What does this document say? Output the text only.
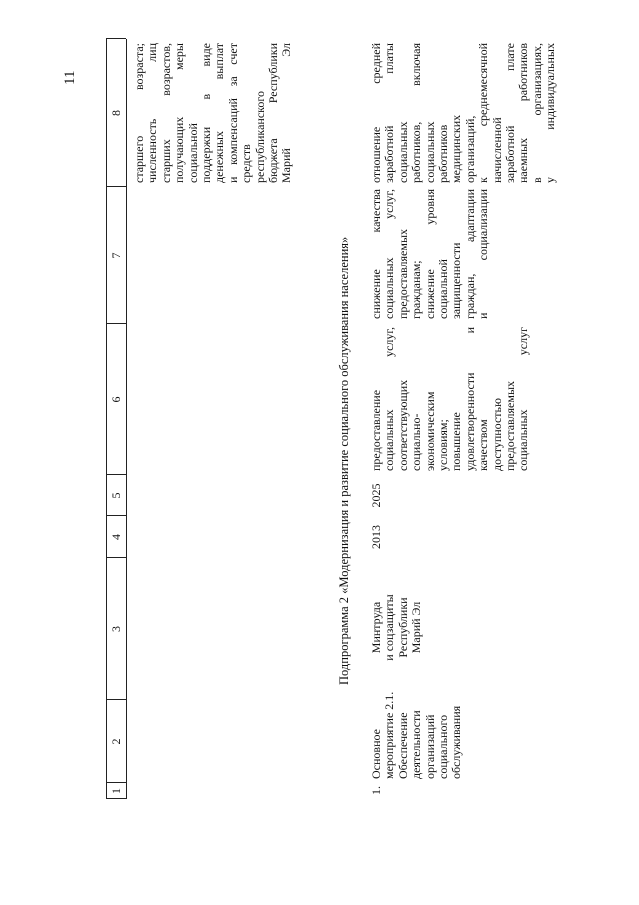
11
1
2
3
4
5
6
7
8 старшего возраста; численность лиц старших возрастов, получающих меры социальной поддержки в виде денежных выплат и компенсаций за счет средств республиканского бюджета Республики Марий Эл
Подпрограмма 2 «Модернизация и развитие социального обслуживания населения»
1.
Основное мероприятие 2.1. Обеспечение деятельности организаций социального обслуживания
Минтруда и соцзащиты Республики Марий Эл
2013
2025
предоставление социальных услуг, соответствующих социально- экономическим условиям; повышение удовлетворенности и качеством доступностью предоставляемых социальных услуг
снижение качества социальных услуг, предоставляемых гражданам; снижение уровня социальной защищенности граждан, адаптации и социализации
отношение средней заработной платы социальных работников, включая социальных работников медицинских организаций, к среднемесячной начисленной заработной плате наемных работников в организациях, у индивидуальных
